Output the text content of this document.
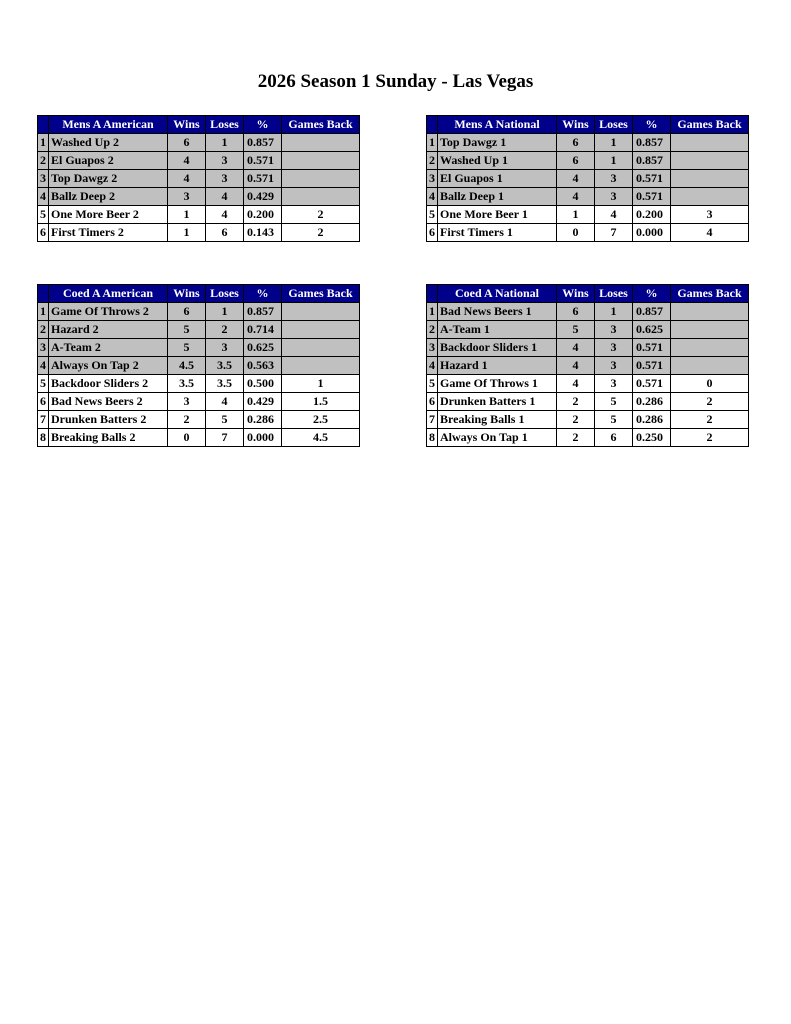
2026 Season 1 Sunday - Las Vegas
	Mens A American	Wins	Loses	%	Games Back
1	Washed Up 2	6	1	0.857	
2	El Guapos 2	4	3	0.571	
3	Top Dawgz 2	4	3	0.571	
4	Ballz Deep 2	3	4	0.429	
5	One More Beer 2	1	4	0.200	2
6	First Timers 2	1	6	0.143	2
	Mens A National	Wins	Loses	%	Games Back
1	Top Dawgz 1	6	1	0.857	
2	Washed Up 1	6	1	0.857	
3	El Guapos 1	4	3	0.571	
4	Ballz Deep 1	4	3	0.571	
5	One More Beer 1	1	4	0.200	3
6	First Timers 1	0	7	0.000	4
	Coed A American	Wins	Loses	%	Games Back
1	Game Of Throws 2	6	1	0.857	
2	Hazard 2	5	2	0.714	
3	A-Team 2	5	3	0.625	
4	Always On Tap 2	4.5	3.5	0.563	
5	Backdoor Sliders 2	3.5	3.5	0.500	1
6	Bad News Beers 2	3	4	0.429	1.5
7	Drunken Batters 2	2	5	0.286	2.5
8	Breaking Balls 2	0	7	0.000	4.5
	Coed A National	Wins	Loses	%	Games Back
1	Bad News Beers 1	6	1	0.857	
2	A-Team 1	5	3	0.625	
3	Backdoor Sliders 1	4	3	0.571	
4	Hazard 1	4	3	0.571	
5	Game Of Throws 1	4	3	0.571	0
6	Drunken Batters 1	2	5	0.286	2
7	Breaking Balls 1	2	5	0.286	2
8	Always On Tap 1	2	6	0.250	2
